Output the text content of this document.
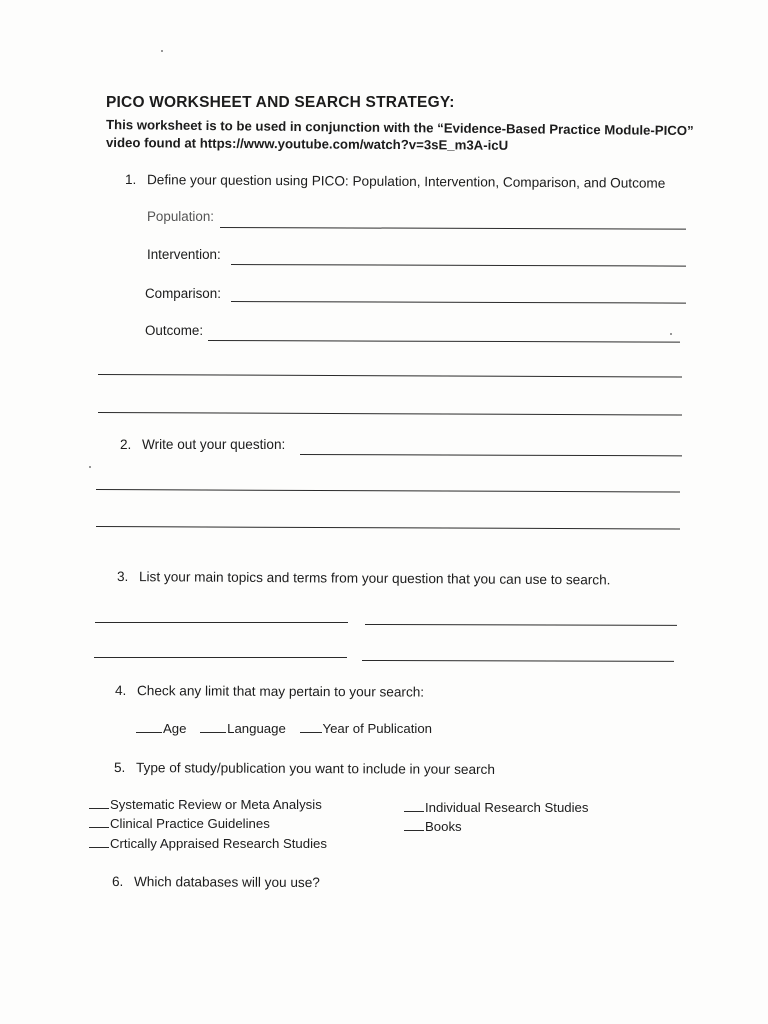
PICO WORKSHEET AND SEARCH STRATEGY:
This worksheet is to be used in conjunction with the “Evidence-Based Practice Module-PICO”
video found at https://www.youtube.com/watch?v=3sE_m3A-icU
1. Define your question using PICO: Population, Intervention, Comparison, and Outcome
Population:
Intervention:
Comparison:
Outcome:
2. Write out your question:
3. List your main topics and terms from your question that you can use to search.
4. Check any limit that may pertain to your search:
Age	Language	Year of Publication
5. Type of study/publication you want to include in your search
Systematic Review or Meta Analysis
Clinical Practice Guidelines
Crtically Appraised Research Studies
Individual Research Studies
Books
6. Which databases will you use?
